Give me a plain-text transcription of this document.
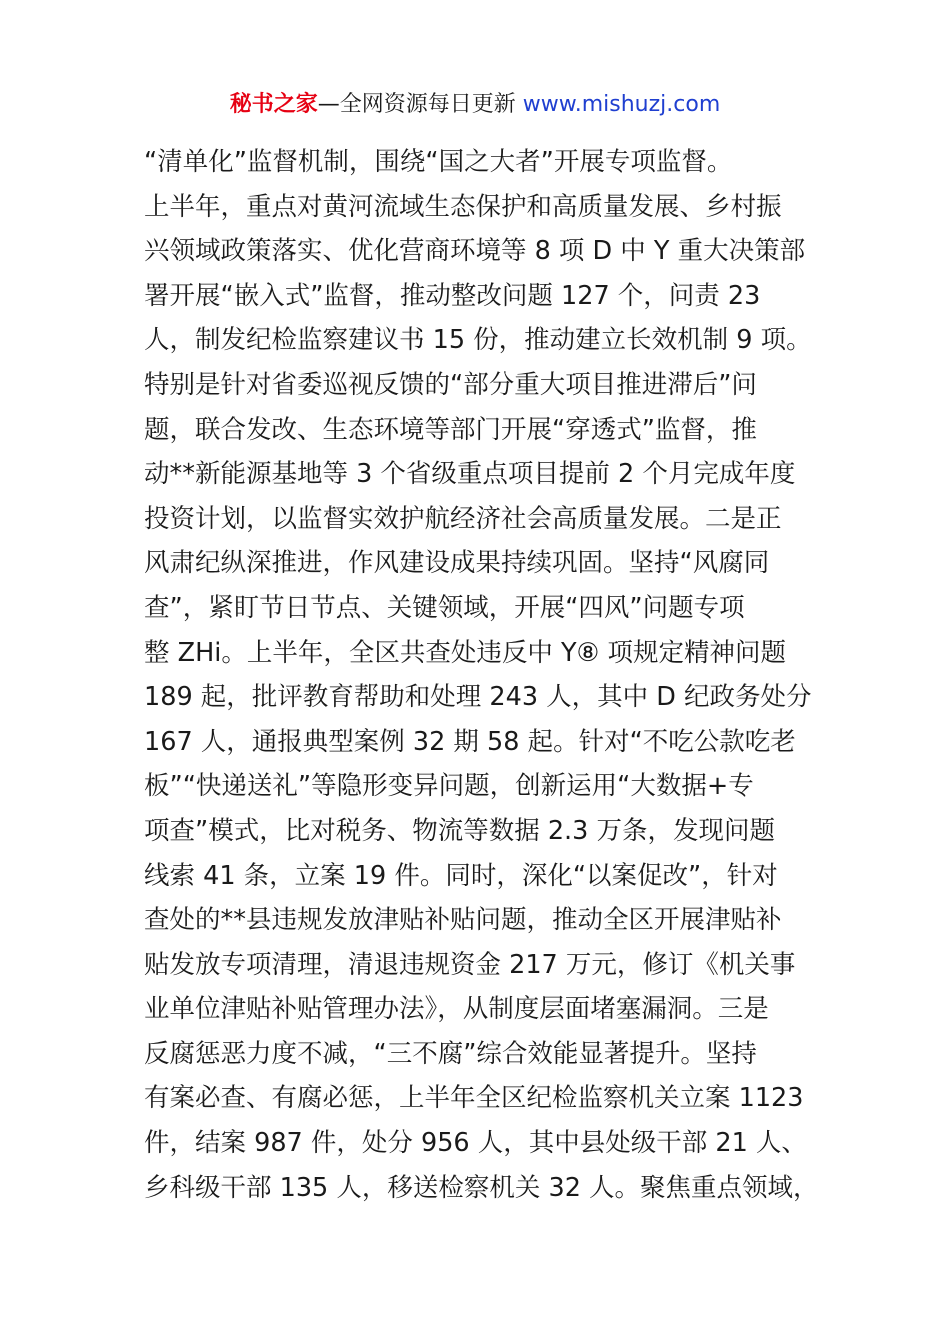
秘书之家—全网资源每日更新 www.mishuzj.com
“清单化”监督机制，围绕“国之大者”开展专项监督。
上半年，重点对黄河流域生态保护和高质量发展、乡村振
兴领域政策落实、优化营商环境等 8 项 D 中 Y 重大决策部
署开展“嵌入式”监督，推动整改问题 127 个，问责 23
人，制发纪检监察建议书 15 份，推动建立长效机制 9 项。
特别是针对省委巡视反馈的“部分重大项目推进滞后”问
题，联合发改、生态环境等部门开展“穿透式”监督，推
动**新能源基地等 3 个省级重点项目提前 2 个月完成年度
投资计划，以监督实效护航经济社会高质量发展。二是正
风肃纪纵深推进，作风建设成果持续巩固。坚持“风腐同
查”，紧盯节日节点、关键领域，开展“四风”问题专项
整 ZHi。上半年，全区共查处违反中 Y⑧ 项规定精神问题
189 起，批评教育帮助和处理 243 人，其中 D 纪政务处分
167 人，通报典型案例 32 期 58 起。针对“不吃公款吃老
板”“快递送礼”等隐形变异问题，创新运用“大数据+专
项查”模式，比对税务、物流等数据 2.3 万条，发现问题
线索 41 条，立案 19 件。同时，深化“以案促改”，针对
查处的**县违规发放津贴补贴问题，推动全区开展津贴补
贴发放专项清理，清退违规资金 217 万元，修订《机关事
业单位津贴补贴管理办法》，从制度层面堵塞漏洞。三是
反腐惩恶力度不减，“三不腐”综合效能显著提升。坚持
有案必查、有腐必惩，上半年全区纪检监察机关立案 1123
件，结案 987 件，处分 956 人，其中县处级干部 21 人、
乡科级干部 135 人，移送检察机关 32 人。聚焦重点领域，
